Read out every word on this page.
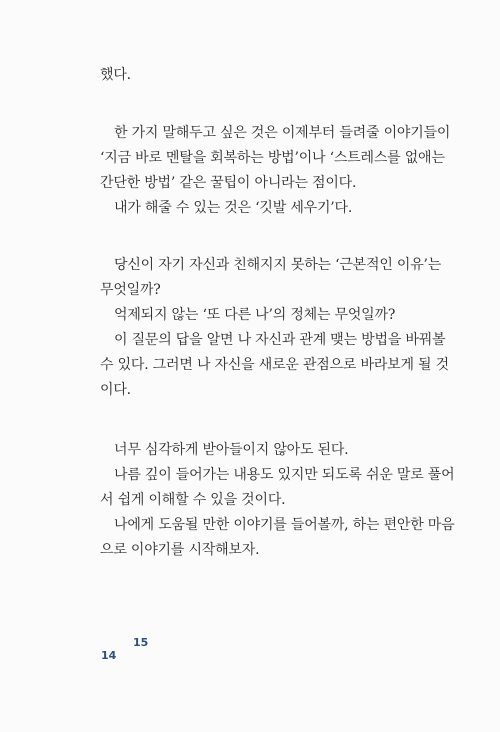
했다.
한 가지 말해두고 싶은 것은 이제부터 들려줄 이야기들이
‘지금 바로 멘탈을 회복하는 방법’이나 ‘스트레스를 없애는
간단한 방법’ 같은 꿀팁이 아니라는 점이다.
내가 해줄 수 있는 것은 ‘깃발 세우기’다.
당신이 자기 자신과 친해지지 못하는 ‘근본적인 이유’는
무엇일까?
억제되지 않는 ‘또 다른 나’의 정체는 무엇일까?
이 질문의 답을 알면 나 자신과 관계 맺는 방법을 바꿔볼
수 있다. 그러면 나 자신을 새로운 관점으로 바라보게 될 것
이다.
너무 심각하게 받아들이지 않아도 된다.
나름 깊이 들어가는 내용도 있지만 되도록 쉬운 말로 풀어
서 쉽게 이해할 수 있을 것이다.
나에게 도움될 만한 이야기를 들어볼까, 하는 편안한 마음
으로 이야기를 시작해보자.
15
14
